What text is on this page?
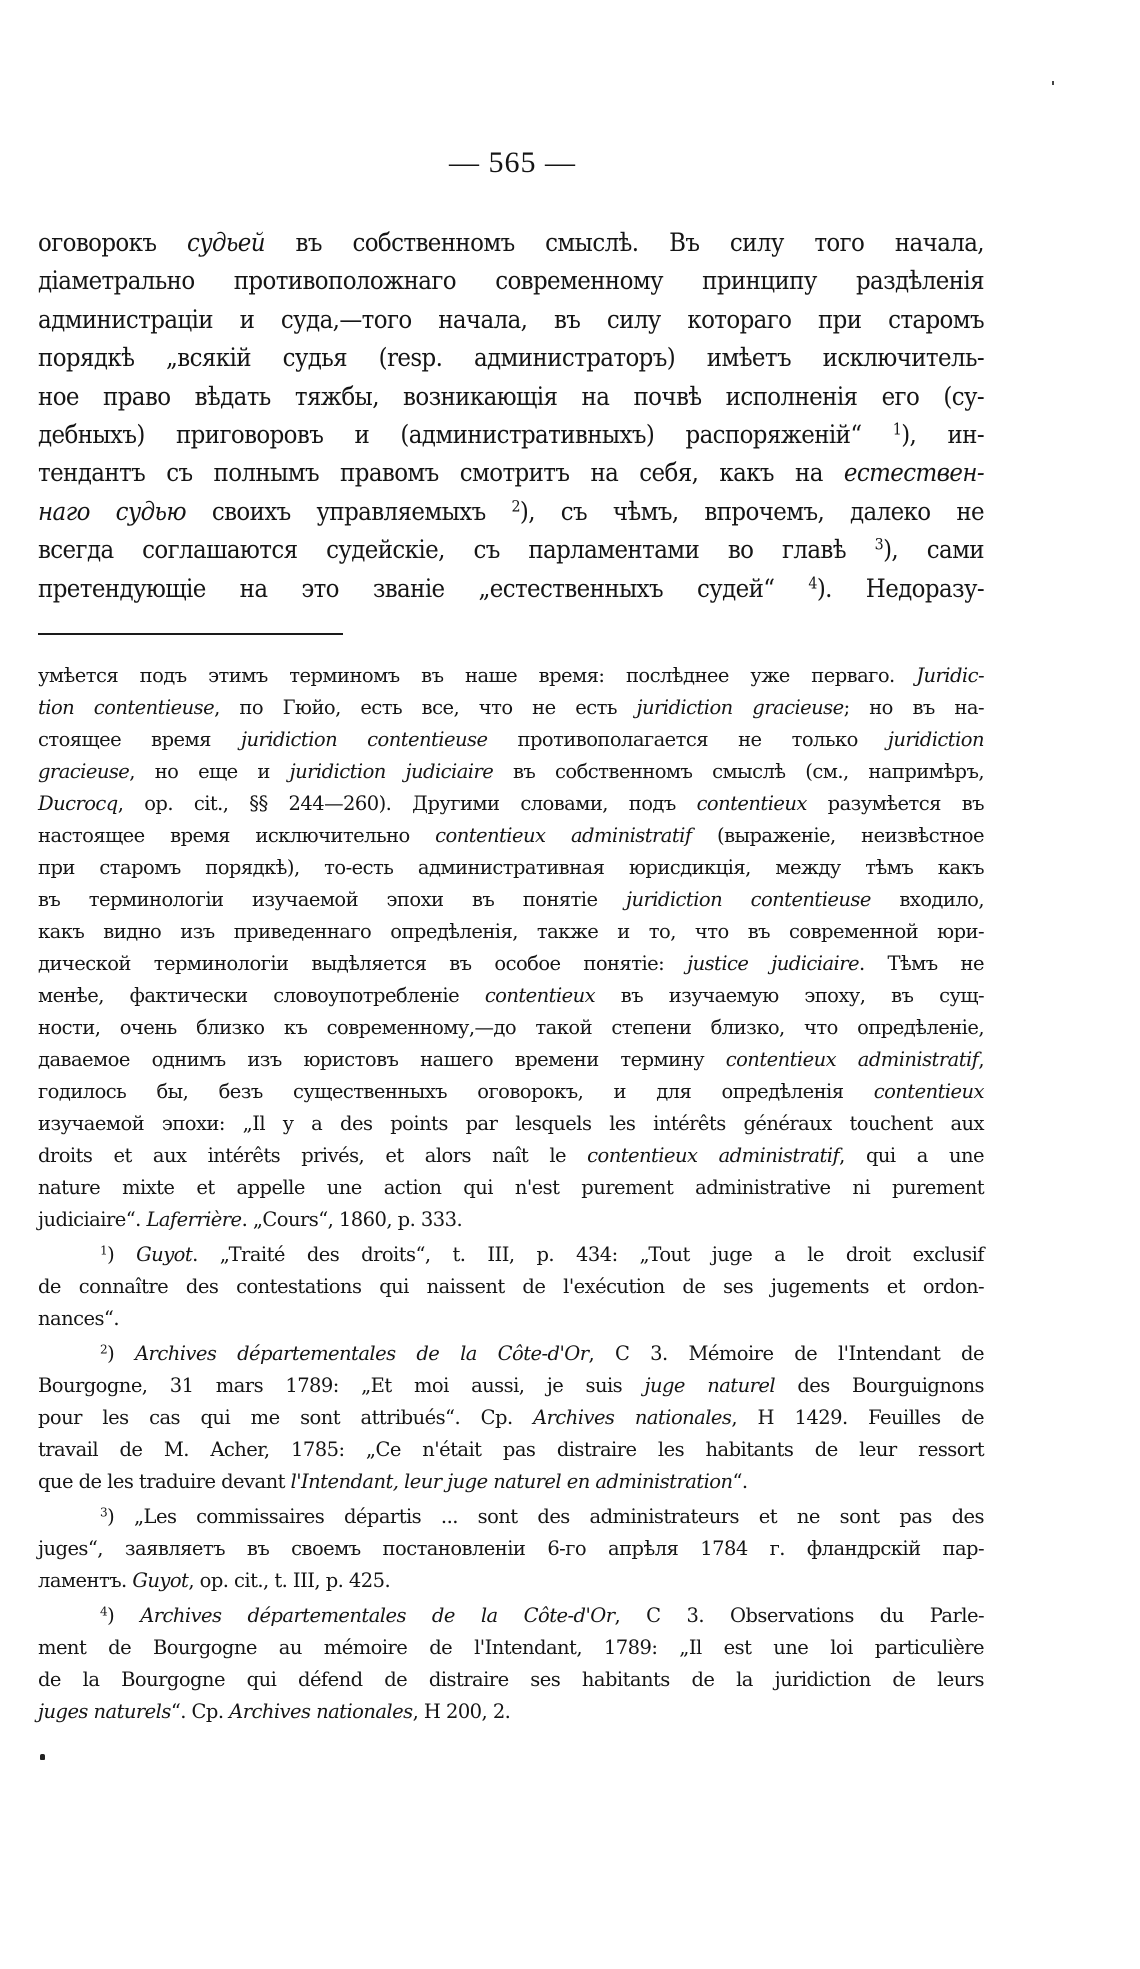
— 565 —
оговорокъ судьей въ собственномъ смыслѣ. Въ силу того начала,
діаметрально противоположнаго современному принципу раздѣленія
администраціи и суда,—того начала, въ силу котораго при старомъ
порядкѣ „всякій судья (resp. администраторъ) имѣетъ исключитель-
ное право вѣдать тяжбы, возникающія на почвѣ исполненія его (су-
дебныхъ) приговоровъ и (административныхъ) распоряженій“ $^1$), ин-
тендантъ съ полнымъ правомъ смотритъ на себя, какъ на естествен-
наго судью своихъ управляемыхъ $^2$), съ чѣмъ, впрочемъ, далеко не
всегда соглашаются судейскіе, съ парламентами во главѣ $^3$), сами
претендующіе на это званіе „естественныхъ судей“ $^4$). Недоразу-
умѣется подъ этимъ терминомъ въ наше время: послѣднее уже перваго. Juridic-
tion contentieuse, по Гюйо, есть все, что не есть juridiction gracieuse; но въ на-
стоящее время juridiction contentieuse противополагается не только juridiction
gracieuse, но еще и juridiction judiciaire въ собственномъ смыслѣ (см., напримѣръ,
Ducrocq, op. cit., §§ 244—260). Другими словами, подъ contentieux разумѣется въ
настоящее время исключительно contentieux administratif (выраженіе, неизвѣстное
при старомъ порядкѣ), то-есть административная юрисдикція, между тѣмъ какъ
въ терминологіи изучаемой эпохи въ понятіе juridiction contentieuse входило,
какъ видно изъ приведеннаго опредѣленія, также и то, что въ современной юри-
дической терминологіи выдѣляется въ особое понятіе: justice judiciaire. Тѣмъ не
менѣе, фактически словоупотребленіе contentieux въ изучаемую эпоху, въ сущ-
ности, очень близко къ современному,—до такой степени близко, что опредѣленіе,
даваемое однимъ изъ юристовъ нашего времени термину contentieux administratif,
годилось бы, безъ существенныхъ оговорокъ, и для опредѣленія contentieux
изучаемой эпохи: „Il y a des points par lesquels les intérêts généraux touchent aux
droits et aux intérêts privés, et alors naît le contentieux administratif, qui a une
nature mixte et appelle une action qui n'est purement administrative ni purement
judiciaire“. Laferrière. „Cours“, 1860, p. 333.
$^1$) Guyot. „Traité des droits“, t. III, p. 434: „Tout juge a le droit exclusif
de connaître des contestations qui naissent de l'exécution de ses jugements et ordon-
nances“.
$^2$) Archives départementales de la Côte-d'Or, C 3. Mémoire de l'Intendant de
Bourgogne, 31 mars 1789: „Et moi aussi, je suis juge naturel des Bourguignons
pour les cas qui me sont attribués“. Cp. Archives nationales, H 1429. Feuilles de
travail de M. Acher, 1785: „Ce n'était pas distraire les habitants de leur ressort
que de les traduire devant l'Intendant, leur juge naturel en administration“.
$^3$) „Les commissaires départis ... sont des administrateurs et ne sont pas des
juges“, заявляетъ въ своемъ постановленіи 6-го апрѣля 1784 г. фландрскій пар-
ламентъ. Guyot, op. cit., t. III, p. 425.
$^4$) Archives départementales de la Côte-d'Or, C 3. Observations du Parle-
ment de Bourgogne au mémoire de l'Intendant, 1789: „Il est une loi particulière
de la Bourgogne qui défend de distraire ses habitants de la juridiction de leurs
juges naturels“. Cp. Archives nationales, H 200, 2.
